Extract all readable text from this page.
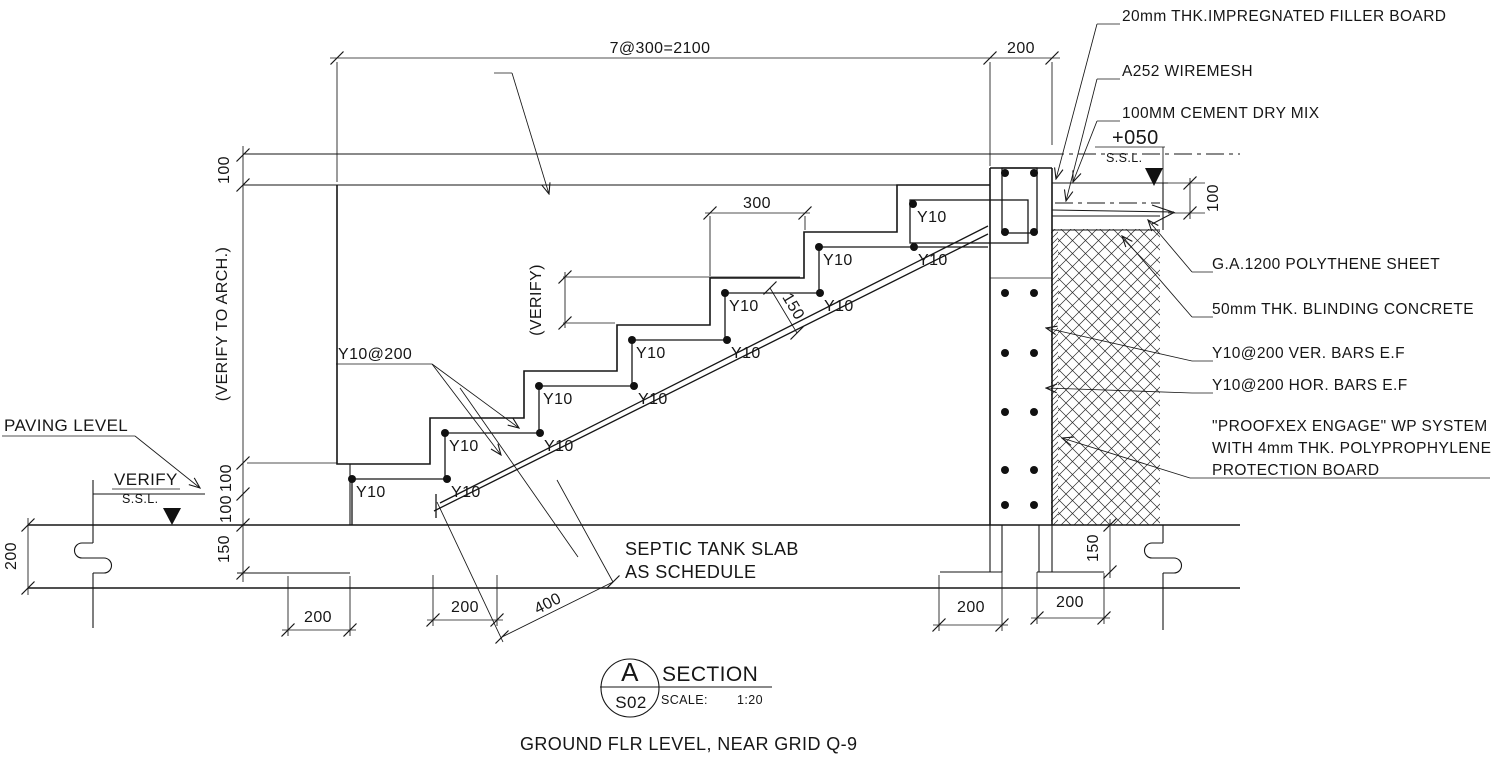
7@300=2100	200
300
(VERIFY)	150
100
(VERIFY TO ARCH.)
100
100
150
200
100
150
200
200	400	200	200
PAVING LEVEL
VERIFY
S.S.L.
Y10@200
Y10	Y10
Y10	Y10
Y10	Y10
Y10	Y10
Y10	Y10
Y10	Y10
Y10
20mm THK.IMPREGNATED FILLER BOARD
A252 WIREMESH
100MM CEMENT DRY MIX
+050
S.S.L.
G.A.1200 POLYTHENE SHEET
50mm THK. BLINDING CONCRETE
Y10@200 VER. BARS E.F
Y10@200 HOR. BARS E.F
"PROOFXEX ENGAGE" WP SYSTEM
WITH 4mm THK. POLYPROPHYLENE
PROTECTION BOARD
SEPTIC TANK SLAB
AS SCHEDULE
A
S02
SECTION
SCALE: 1:20
GROUND FLR LEVEL, NEAR GRID Q-9
